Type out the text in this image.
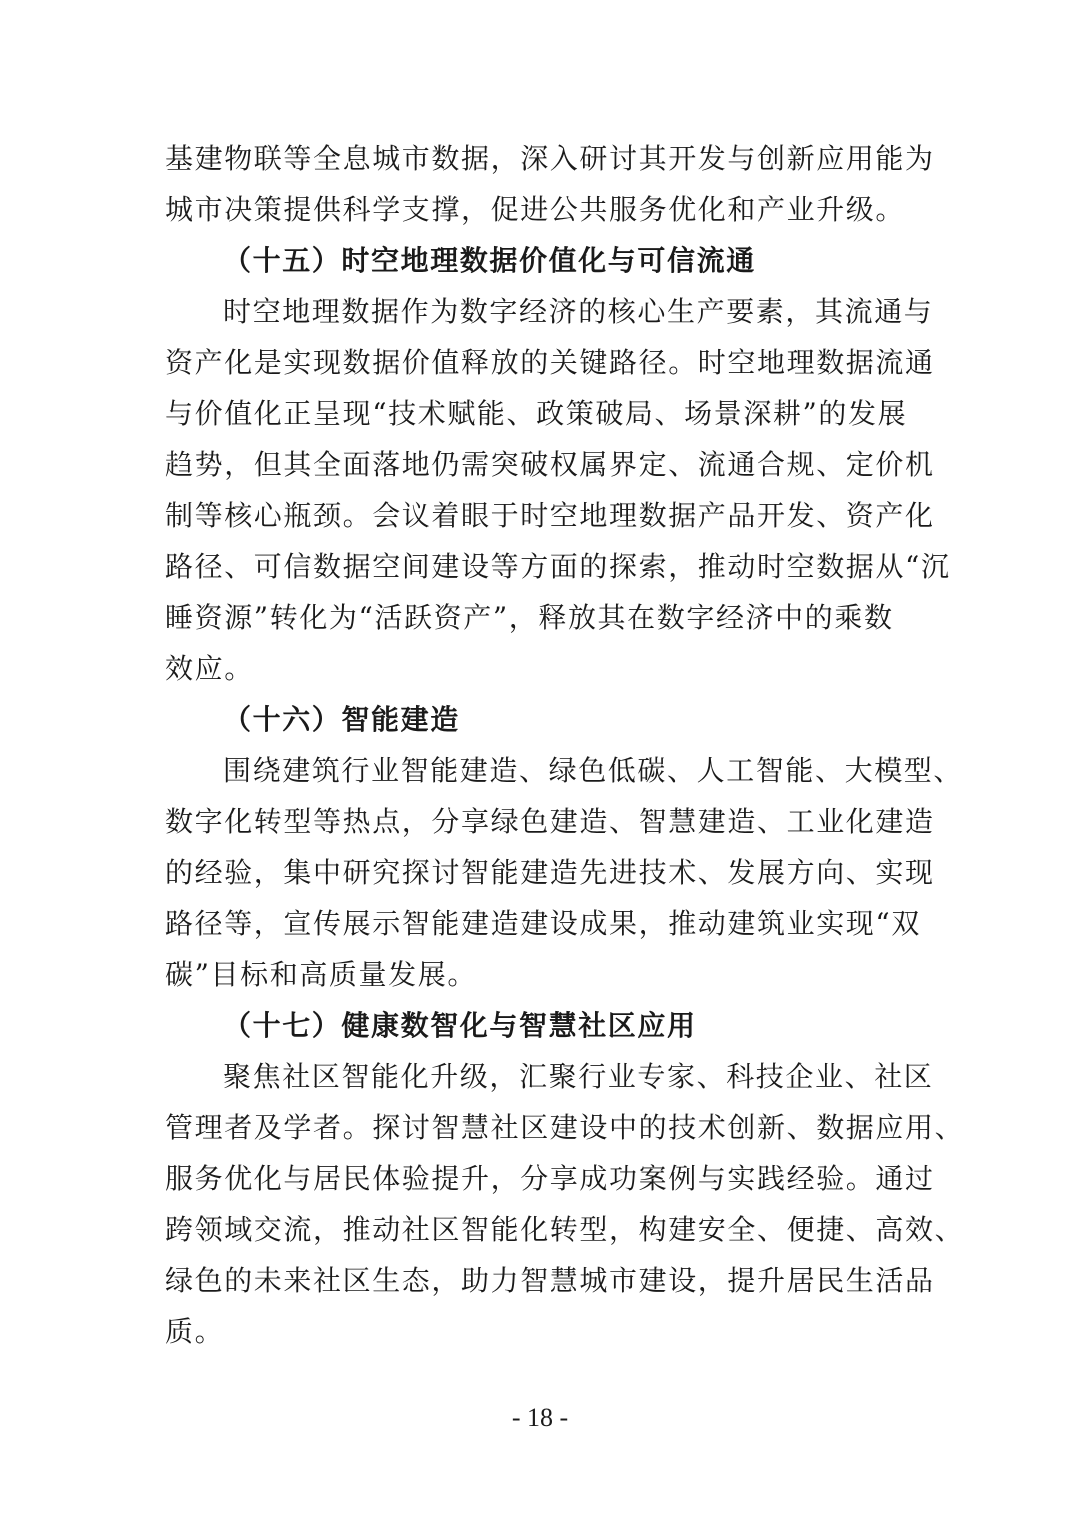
基建物联等全息城市数据，深入研讨其开发与创新应用能为
城市决策提供科学支撑，促进公共服务优化和产业升级。
（十五）时空地理数据价值化与可信流通
时空地理数据作为数字经济的核心生产要素，其流通与
资产化是实现数据价值释放的关键路径。时空地理数据流通
与价值化正呈现“技术赋能、政策破局、场景深耕”的发展
趋势，但其全面落地仍需突破权属界定、流通合规、定价机
制等核心瓶颈。会议着眼于时空地理数据产品开发、资产化
路径、可信数据空间建设等方面的探索，推动时空数据从“沉
睡资源”转化为“活跃资产”，释放其在数字经济中的乘数
效应。
（十六）智能建造
围绕建筑行业智能建造、绿色低碳、人工智能、大模型、
数字化转型等热点，分享绿色建造、智慧建造、工业化建造
的经验，集中研究探讨智能建造先进技术、发展方向、实现
路径等，宣传展示智能建造建设成果，推动建筑业实现“双
碳”目标和高质量发展。
（十七）健康数智化与智慧社区应用
聚焦社区智能化升级，汇聚行业专家、科技企业、社区
管理者及学者。探讨智慧社区建设中的技术创新、数据应用、
服务优化与居民体验提升，分享成功案例与实践经验。通过
跨领域交流，推动社区智能化转型，构建安全、便捷、高效、
绿色的未来社区生态，助力智慧城市建设，提升居民生活品
质。
- 18 -
